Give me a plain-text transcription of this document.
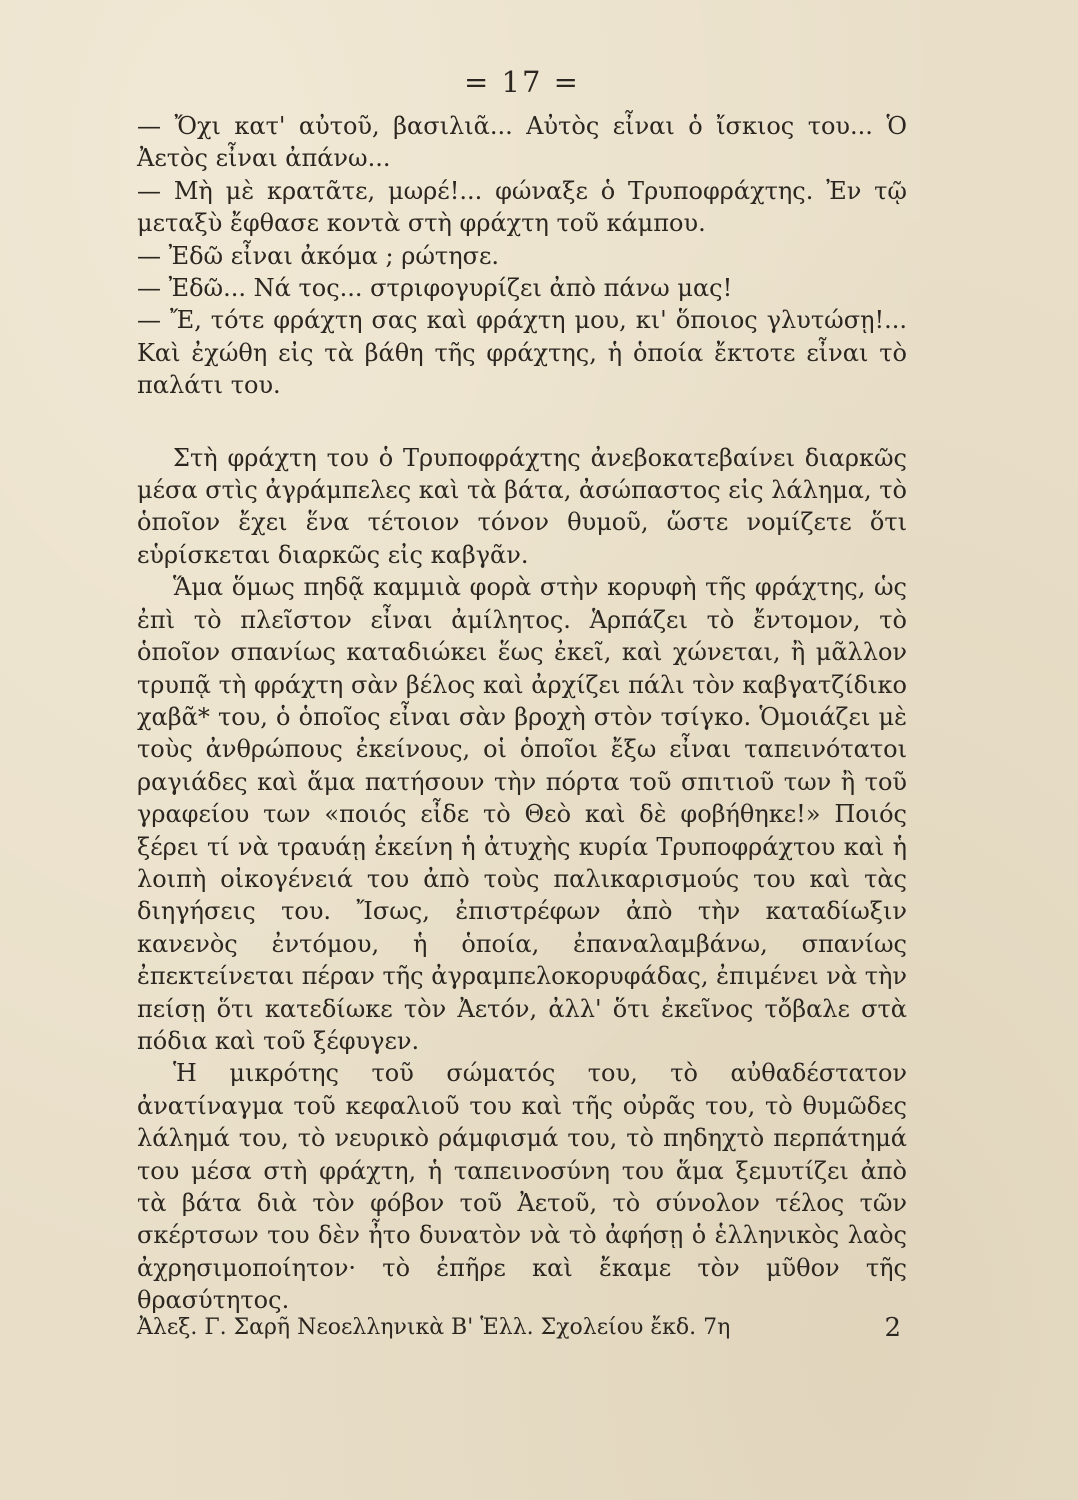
= 17 =

— Ὄχι κατ' αὐτοῦ, βασιλιᾶ... Αὐτὸς εἶναι ὁ ἴσκιος του... Ὁ Ἀετὸς εἶναι ἀπάνω...

— Μὴ μὲ κρατᾶτε, μωρέ!... φώναξε ὁ Τρυποφράχτης. Ἐν τῷ μεταξὺ ἔφθασε κοντὰ στὴ φράχτη τοῦ κάμπου.

— Ἐδῶ εἶναι ἀκόμα ; ρώτησε.

— Ἐδῶ... Νά τος... στριφογυρίζει ἀπὸ πάνω μας!

— Ἔ, τότε φράχτη σας καὶ φράχτη μου, κι' ὅποιος γλυτώσῃ!... Καὶ ἐχώθη εἰς τὰ βάθη τῆς φράχτης, ἡ ὁποία ἔκτοτε εἶναι τὸ παλάτι του.

Στὴ φράχτη του ὁ Τρυποφράχτης ἀνεβοκατεβαίνει διαρκῶς μέσα στὶς ἀγράμπελες καὶ τὰ βάτα, ἀσώπαστος εἰς λάλημα, τὸ ὁποῖον ἔχει ἕνα τέτοιον τόνον θυμοῦ, ὥστε νομίζετε ὅτι εὑρίσκεται διαρκῶς εἰς καβγᾶν.

Ἅμα ὅμως πηδᾷ καμμιὰ φορὰ στὴν κορυφὴ τῆς φράχτης, ὡς ἐπὶ τὸ πλεῖστον εἶναι ἀμίλητος. Ἁρπάζει τὸ ἔντομον, τὸ ὁποῖον σπανίως καταδιώκει ἕως ἐκεῖ, καὶ χώνεται, ἢ μᾶλλον τρυπᾷ τὴ φράχτη σὰν βέλος καὶ ἀρχίζει πάλι τὸν καβγατζίδικο χαβᾶ* του, ὁ ὁποῖος εἶναι σὰν βροχὴ στὸν τσίγκο. Ὁμοιάζει μὲ τοὺς ἀνθρώπους ἐκείνους, οἱ ὁποῖοι ἔξω εἶναι ταπεινότατοι ραγιάδες καὶ ἅμα πατήσουν τὴν πόρτα τοῦ σπιτιοῦ των ἢ τοῦ γραφείου των «ποιός εἶδε τὸ Θεὸ καὶ δὲ φοβήθηκε!» Ποιός ξέρει τί νὰ τραυάῃ ἐκείνη ἡ ἀτυχὴς κυρία Τρυποφράχτου καὶ ἡ λοιπὴ οἰκογένειά του ἀπὸ τοὺς παλικαρισμούς του καὶ τὰς διηγήσεις του. Ἴσως, ἐπιστρέφων ἀπὸ τὴν καταδίωξιν κανενὸς ἐντόμου, ἡ ὁποία, ἐπαναλαμβάνω, σπανίως ἐπεκτείνεται πέραν τῆς ἀγραμπελοκορυφάδας, ἐπιμένει νὰ τὴν πείσῃ ὅτι κατεδίωκε τὸν Ἀετόν, ἀλλ' ὅτι ἐκεῖνος τὄβαλε στὰ πόδια καὶ τοῦ ξέφυγεν.

Ἡ μικρότης τοῦ σώματός του, τὸ αὐθαδέστατον ἀνατίναγμα τοῦ κεφαλιοῦ του καὶ τῆς οὐρᾶς του, τὸ θυμῶδες λάλημά του, τὸ νευρικὸ ράμφισμά του, τὸ πηδηχτὸ περπάτημά του μέσα στὴ φράχτη, ἡ ταπεινοσύνη του ἅμα ξεμυτίζει ἀπὸ τὰ βάτα διὰ τὸν φόβον τοῦ Ἀετοῦ, τὸ σύνολον τέλος τῶν σκέρτσων του δὲν ἦτο δυνατὸν νὰ τὸ ἀφήσῃ ὁ ἑλληνικὸς λαὸς ἀχρησιμοποίητον· τὸ ἐπῆρε καὶ ἔκαμε τὸν μῦθον τῆς θρασύτητος.

Ἀλεξ. Γ. Σαρῆ Νεοελληνικὰ Β' Ἑλλ. Σχολείου ἔκδ. 7η	2
